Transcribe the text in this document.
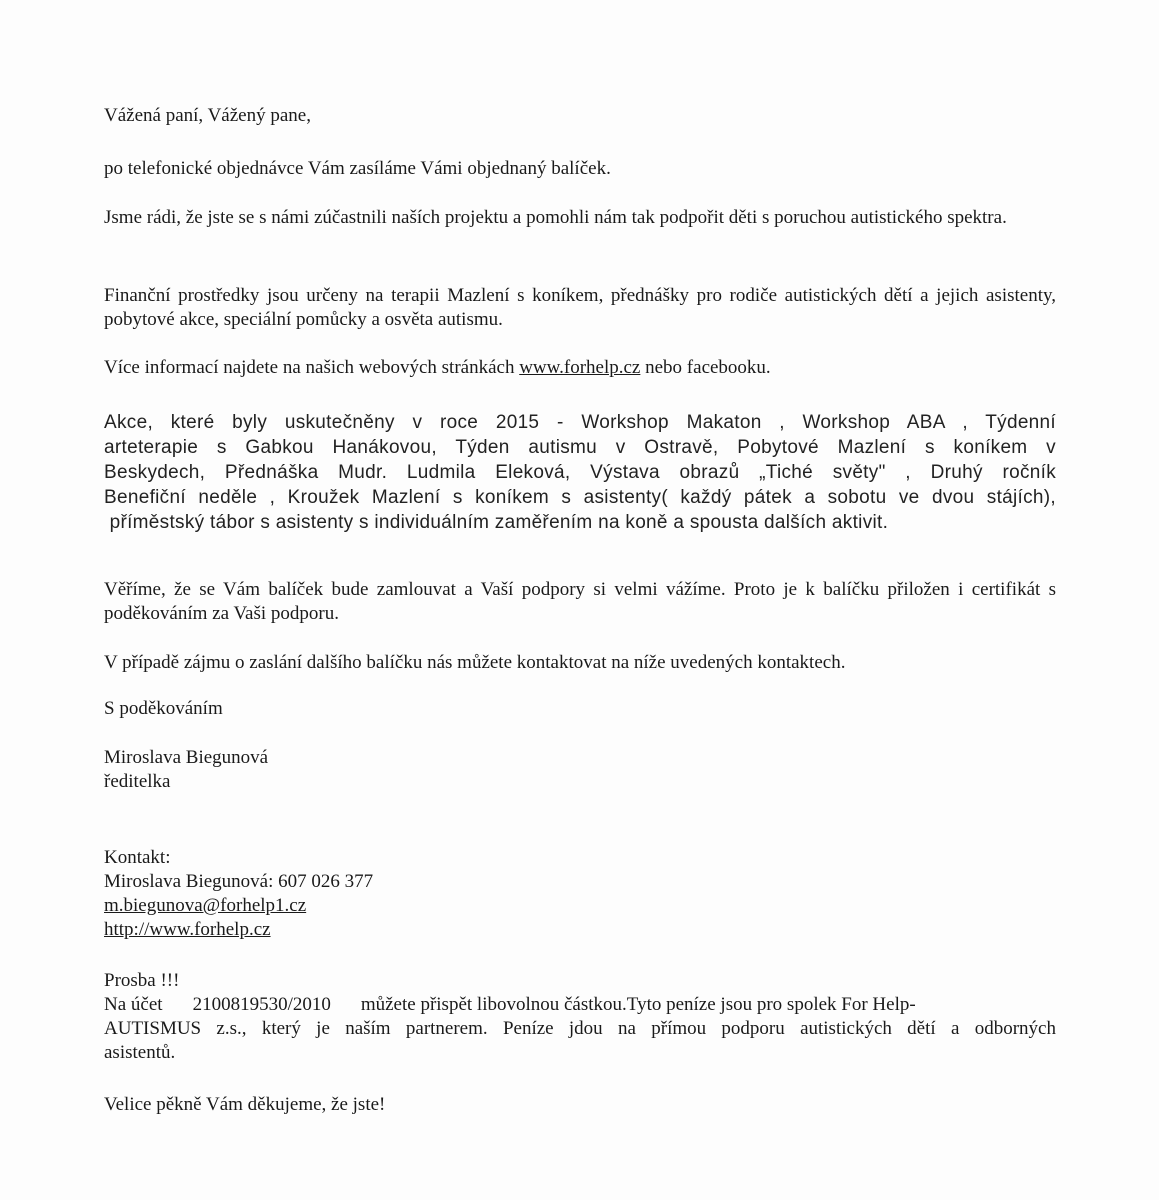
Vážená paní, Vážený pane,

po telefonické objednávce Vám zasíláme Vámi objednaný balíček.

Jsme rádi, že jste se s námi zúčastnili naších projektu a pomohli nám tak podpořit děti s poruchou autistického spektra.

Finanční prostředky jsou určeny na terapii Mazlení s koníkem, přednášky pro rodiče autistických dětí a jejich asistenty, pobytové akce, speciální pomůcky a osvěta autismu.

Více informací najdete na našich webových stránkách www.forhelp.cz nebo facebooku.

Akce, které byly uskutečněny v roce 2015 - Workshop Makaton , Workshop ABA , Týdenní
arteterapie s Gabkou Hanákovou, Týden autismu v Ostravě, Pobytové Mazlení s koníkem v
Beskydech, Přednáška Mudr. Ludmila Eleková, Výstava obrazů „Tiché světy" , Druhý ročník
Benefiční neděle , Kroužek Mazlení s koníkem s asistenty( každý pátek a sobotu ve dvou stájích),
příměstský tábor s asistenty s individuálním zaměřením na koně a spousta dalších aktivit.

Věříme, že se Vám balíček bude zamlouvat a Vaší podpory si velmi vážíme. Proto je k balíčku přiložen i certifikát s poděkováním za Vaši podporu.

V případě zájmu o zaslání dalšího balíčku nás můžete kontaktovat na níže uvedených kontaktech.

S poděkováním

Miroslava Biegunová
ředitelka
Kontakt:
Miroslava Biegunová: 607 026 377
m.biegunova@forhelp1.cz
http://www.forhelp.cz
Prosba !!!
Na účet 2100819530/2010 můžete přispět libovolnou částkou.Tyto peníze jsou pro spolek For Help-
AUTISMUS z.s., který je naším partnerem. Peníze jdou na přímou podporu autistických dětí a odborných
asistentů.

Velice pěkně Vám děkujeme, že jste!
